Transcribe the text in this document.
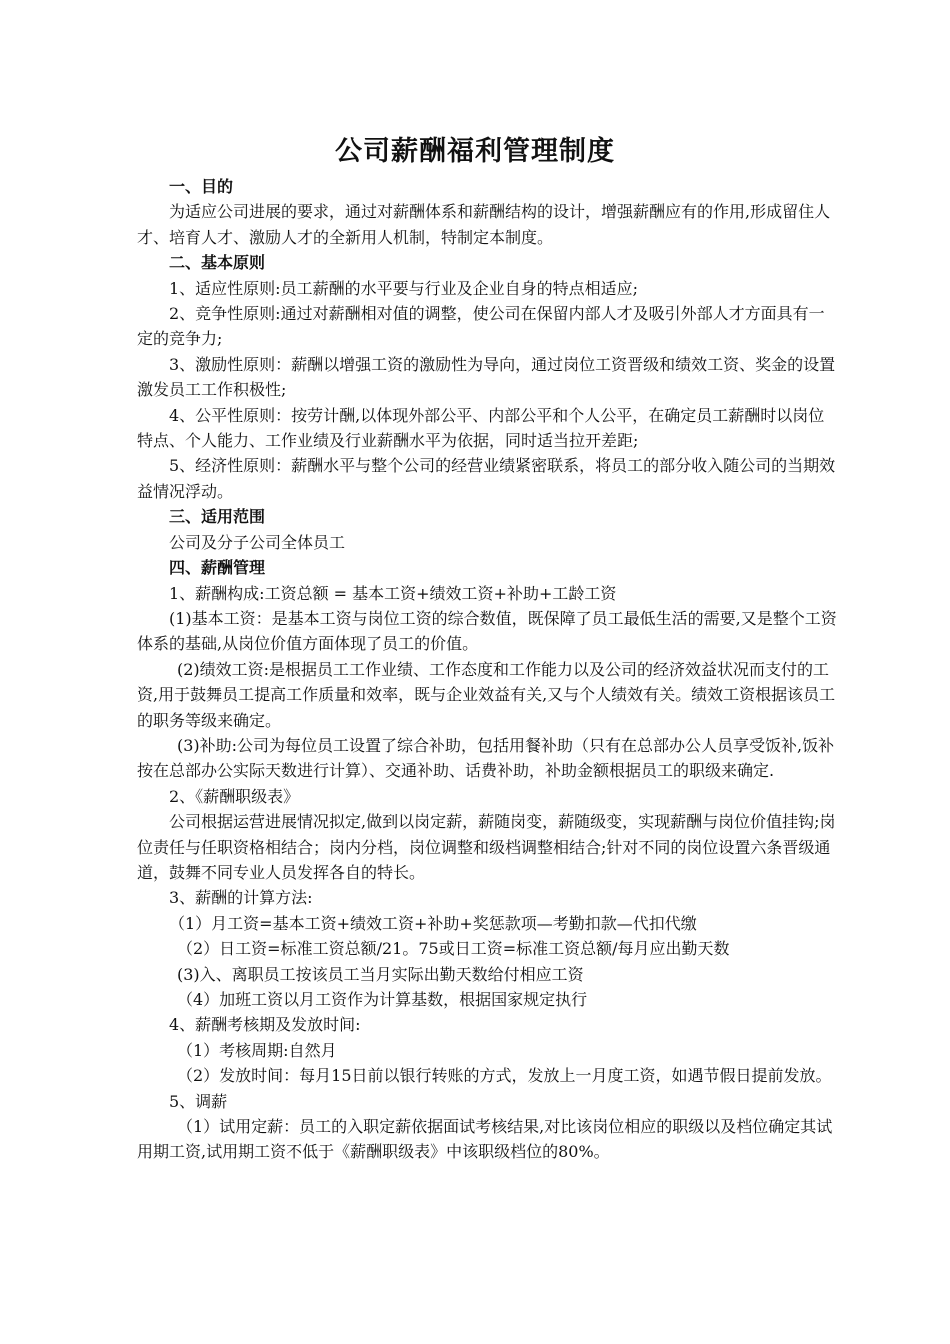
公司薪酬福利管理制度

一、目的

为适应公司进展的要求，通过对薪酬体系和薪酬结构的设计，增强薪酬应有的作用,形成留住人才、培育人才、激励人才的全新用人机制，特制定本制度。

二、基本原则

1、适应性原则:员工薪酬的水平要与行业及企业自身的特点相适应;

2、竞争性原则:通过对薪酬相对值的调整，使公司在保留内部人才及吸引外部人才方面具有一定的竞争力;

3、激励性原则：薪酬以增强工资的激励性为导向，通过岗位工资晋级和绩效工资、奖金的设置激发员工工作积极性;

4、公平性原则：按劳计酬,以体现外部公平、内部公平和个人公平，在确定员工薪酬时以岗位特点、个人能力、工作业绩及行业薪酬水平为依据，同时适当拉开差距;

5、经济性原则：薪酬水平与整个公司的经营业绩紧密联系，将员工的部分收入随公司的当期效益情况浮动。

三、适用范围

公司及分子公司全体员工

四、薪酬管理

1、薪酬构成:工资总额 = 基本工资+绩效工资+补助+工龄工资

(1)基本工资：是基本工资与岗位工资的综合数值，既保障了员工最低生活的需要,又是整个工资体系的基础,从岗位价值方面体现了员工的价值。

(2)绩效工资:是根据员工工作业绩、工作态度和工作能力以及公司的经济效益状况而支付的工资,用于鼓舞员工提高工作质量和效率，既与企业效益有关,又与个人绩效有关。绩效工资根据该员工的职务等级来确定。

(3)补助:公司为每位员工设置了综合补助，包括用餐补助（只有在总部办公人员享受饭补,饭补按在总部办公实际天数进行计算）、交通补助、话费补助，补助金额根据员工的职级来确定.

2、《薪酬职级表》

公司根据运营进展情况拟定,做到以岗定薪，薪随岗变，薪随级变，实现薪酬与岗位价值挂钩;岗位责任与任职资格相结合；岗内分档，岗位调整和级档调整相结合;针对不同的岗位设置六条晋级通道，鼓舞不同专业人员发挥各自的特长。

3、薪酬的计算方法:

（1）月工资=基本工资+绩效工资+补助+奖惩款项—考勤扣款—代扣代缴

（2）日工资=标准工资总额/21。75或日工资=标准工资总额/每月应出勤天数

(3)入、离职员工按该员工当月实际出勤天数给付相应工资

（4）加班工资以月工资作为计算基数，根据国家规定执行

4、薪酬考核期及发放时间:

（1）考核周期:自然月

（2）发放时间：每月15日前以银行转账的方式，发放上一月度工资，如遇节假日提前发放。

5、调薪

（1）试用定薪：员工的入职定薪依据面试考核结果,对比该岗位相应的职级以及档位确定其试用期工资,试用期工资不低于《薪酬职级表》中该职级档位的80%。
